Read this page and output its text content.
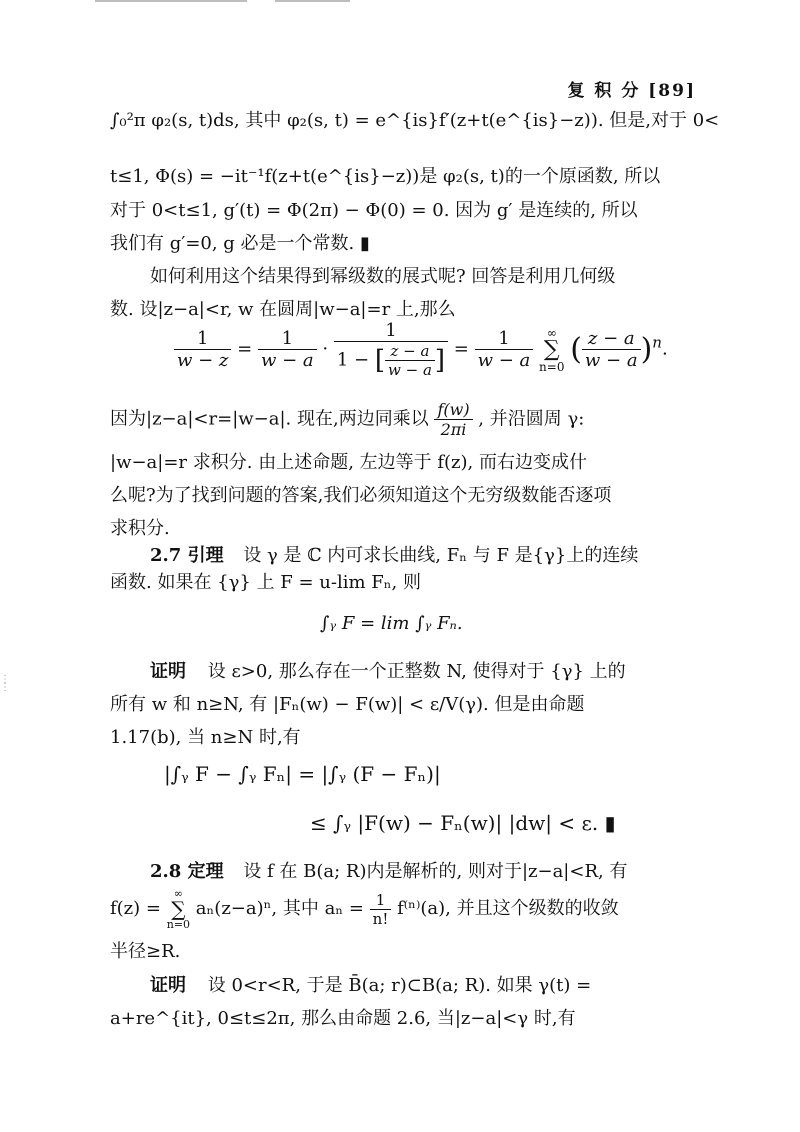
复 积 分 [89]
∫₀²π φ₂(s, t)ds, 其中 φ₂(s, t) = e^{is}f′(z+t(e^{is}−z)). 但是,对于 0<
t≤1, Φ(s) = −it⁻¹f(z+t(e^{is}−z))是 φ₂(s, t)的一个原函数, 所以
对于 0<t≤1, g′(t) = Φ(2π) − Φ(0) = 0. 因为 g′ 是连续的, 所以
我们有 g′=0, g 必是一个常数. ▮
如何利用这个结果得到幂级数的展式呢? 回答是利用几何级
数. 设|z−a|<r, w 在圆周|w−a|=r 上,那么
$\frac{1}{w - z} = \frac{1}{w - a} \cdot \frac{1}{1 - [ \frac{z - a}{w - a} ]} = \frac{1}{w - a}$
	∞
∑
n=0 ( $\frac{z - a}{w - a} )^n$.
因为|z−a|<r=|w−a|. 现在,两边同乘以 $\frac{f(w)}{2\pi i}$ , 并沿圆周 γ:
|w−a|=r 求积分. 由上述命题, 左边等于 f(z), 而右边变成什
么呢?为了找到问题的答案,我们必须知道这个无穷级数能否逐项
求积分.
2.7 引理 设 γ 是 ℂ 内可求长曲线, Fₙ 与 F 是{γ}上的连续
函数. 如果在 {γ} 上 F = u-lim Fₙ, 则
∫ᵧ F = lim ∫ᵧ Fₙ.
证明 设 ε>0, 那么存在一个正整数 N, 使得对于 {γ} 上的
所有 w 和 n≥N, 有 |Fₙ(w) − F(w)| < ε/V(γ). 但是由命题
1.17(b), 当 n≥N 时,有
|∫ᵧ F − ∫ᵧ Fₙ| = |∫ᵧ (F − Fₙ)|
≤ ∫ᵧ |F(w) − Fₙ(w)| |dw| < ε. ▮
2.8 定理 设 f 在 B(a; R)内是解析的, 则对于|z−a|<R, 有
f(z) =
∞
∑
n=0
aₙ(z−a)ⁿ, 其中 $a_n = \frac{1}{n!} f^{(n)}(a)$, 并且这个级数的收敛
半径≥R.
证明 设 0<r<R, 于是 B̄(a; r)⊂B(a; R). 如果 γ(t) =
a+re^{it}, 0≤t≤2π, 那么由命题 2.6, 当|z−a|<γ 时,有
⋮
⋮
